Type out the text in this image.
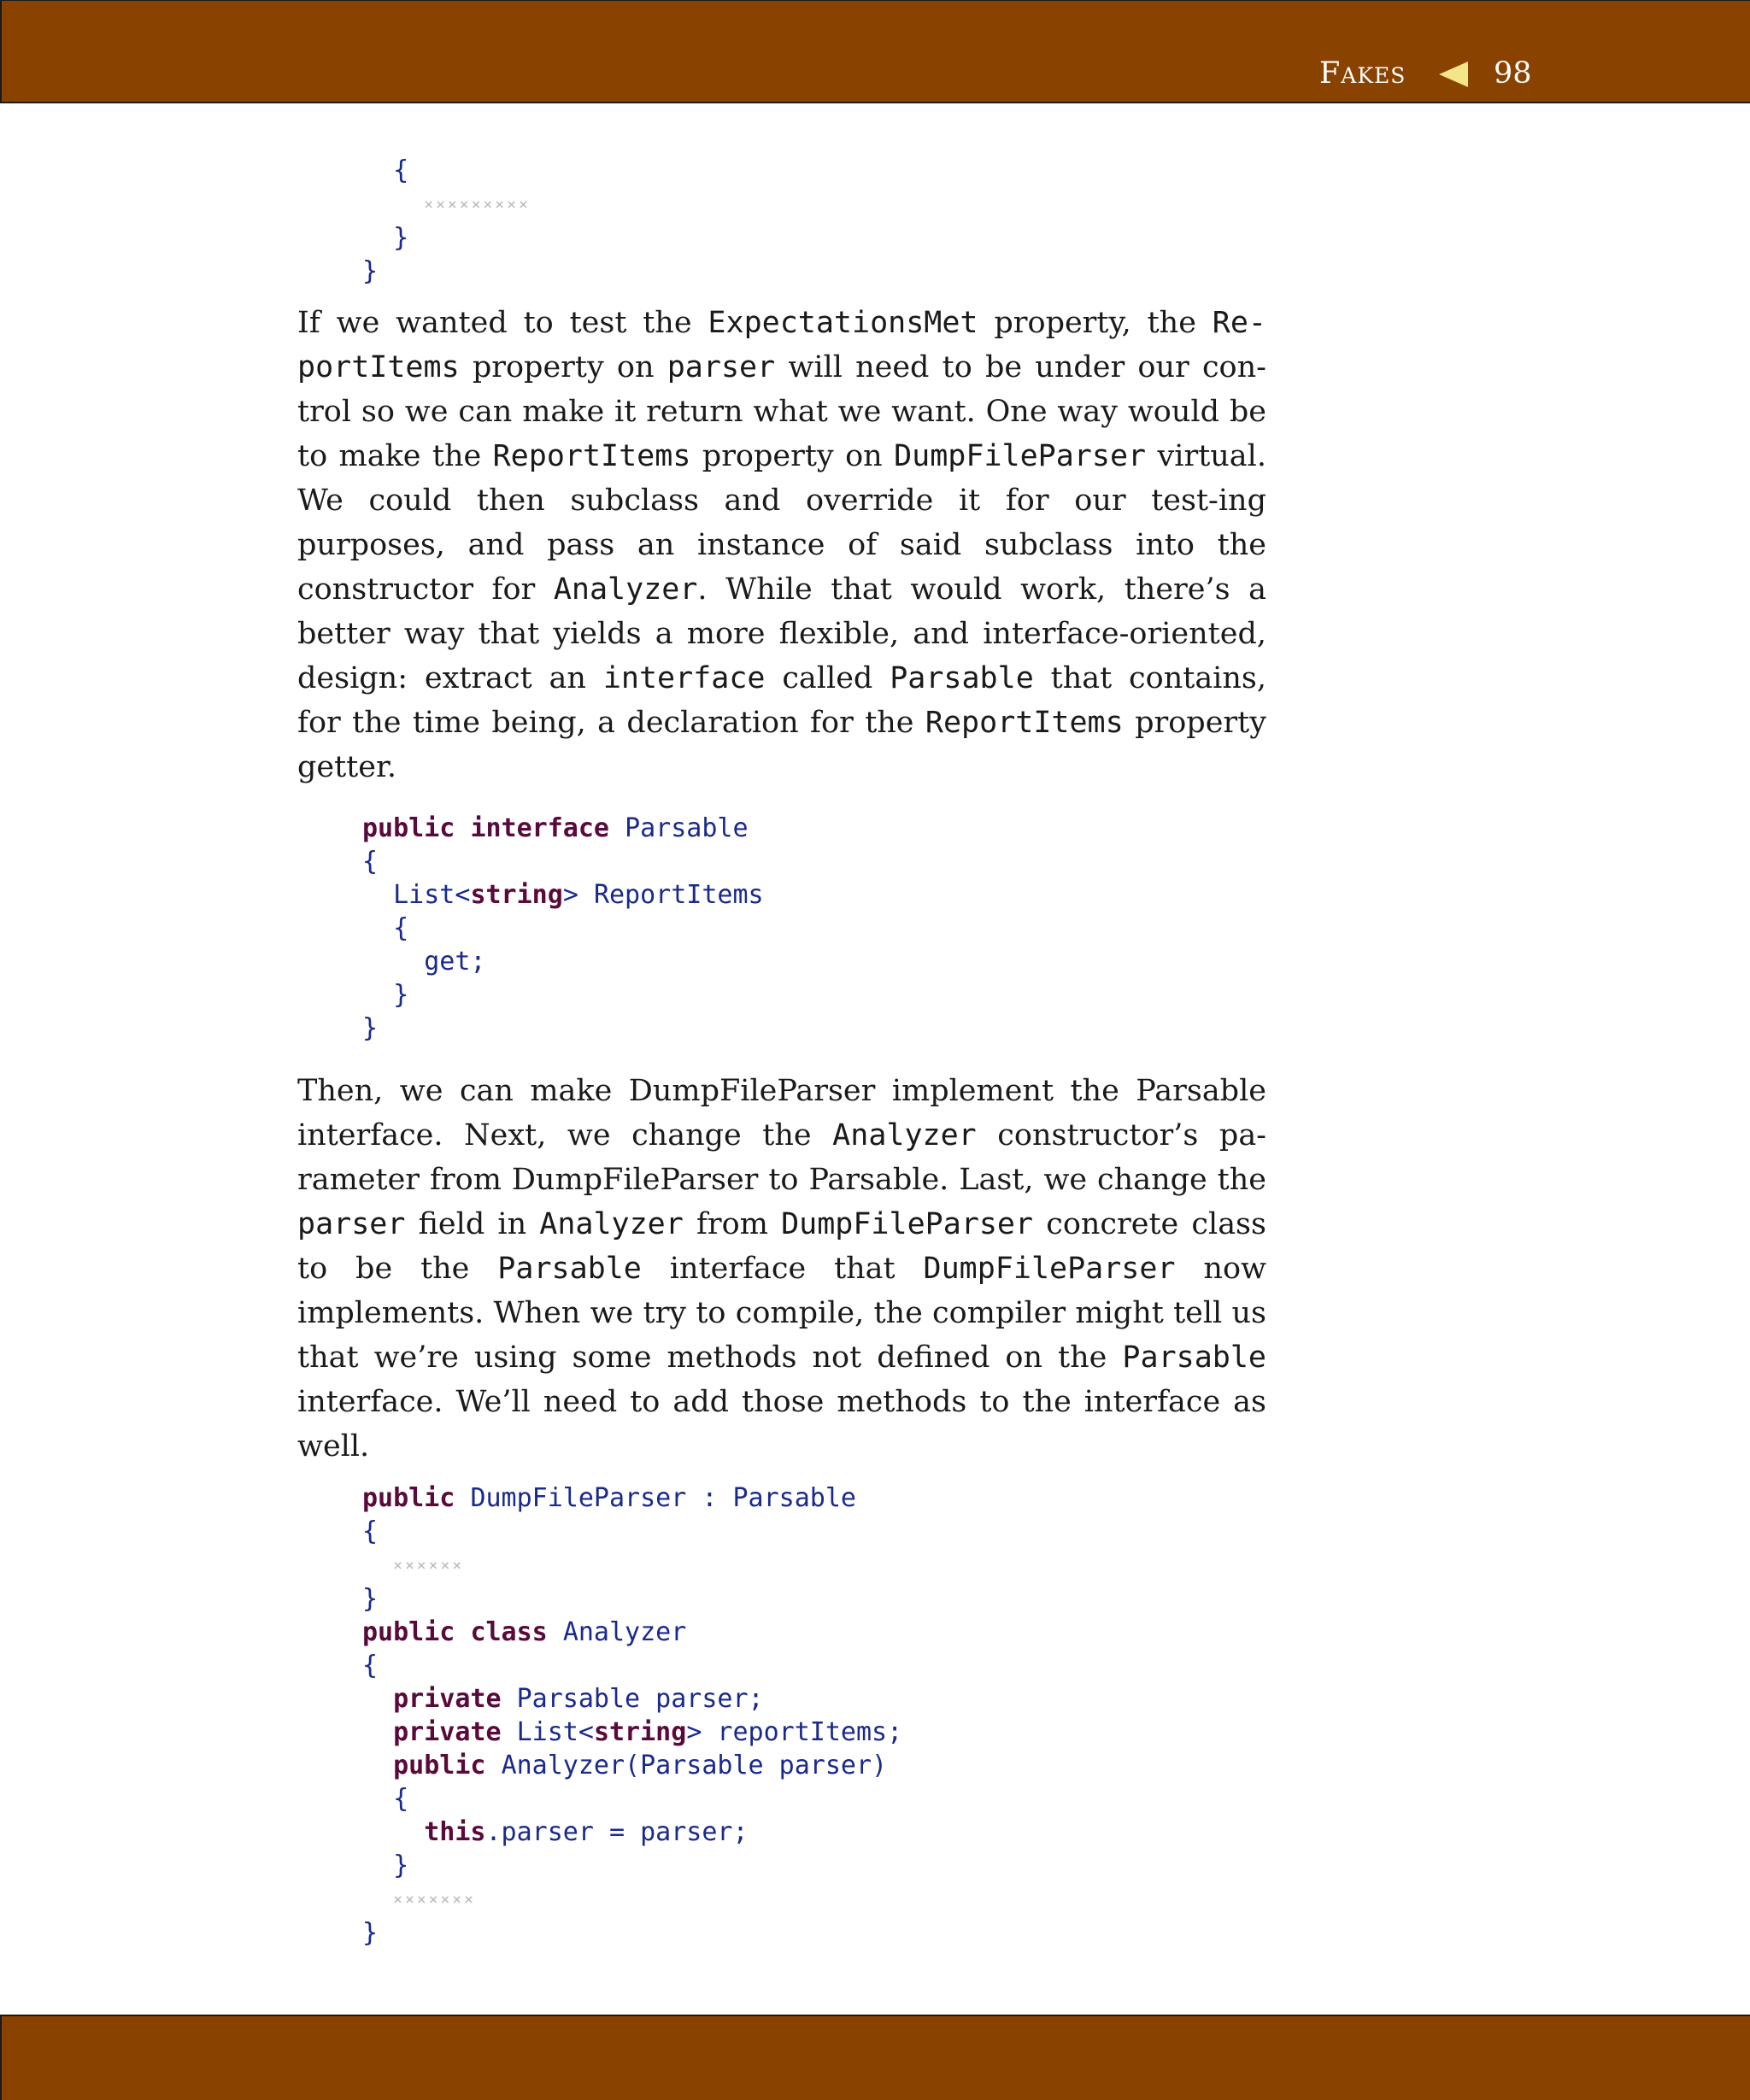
Fakes	98
{
×××××××××
}
}

If we wanted to test the ExpectationsMet property, the Re-portItems property on parser will need to be under our con-trol so we can make it return what we want. One way would be to make the ReportItems property on DumpFileParser virtual. We could then subclass and override it for our test-ing purposes, and pass an instance of said subclass into the constructor for Analyzer. While that would work, there’s a better way that yields a more flexible, and interface-oriented, design: extract an interface called Parsable that contains, for the time being, a declaration for the ReportItems property getter.

public interface Parsable
{
List<string> ReportItems
{
get;
}
}

Then, we can make DumpFileParser implement the Parsable interface. Next, we change the Analyzer constructor’s pa-rameter from DumpFileParser to Parsable. Last, we change the parser field in Analyzer from DumpFileParser concrete class to be the Parsable interface that DumpFileParser now implements. When we try to compile, the compiler might tell us that we’re using some methods not defined on the Parsable interface. We’ll need to add those methods to the interface as well.

public DumpFileParser : Parsable
{
××××××
}
public class Analyzer
{
private Parsable parser;
private List<string> reportItems;
public Analyzer(Parsable parser)
{
this.parser = parser;
}
×××××××
}
